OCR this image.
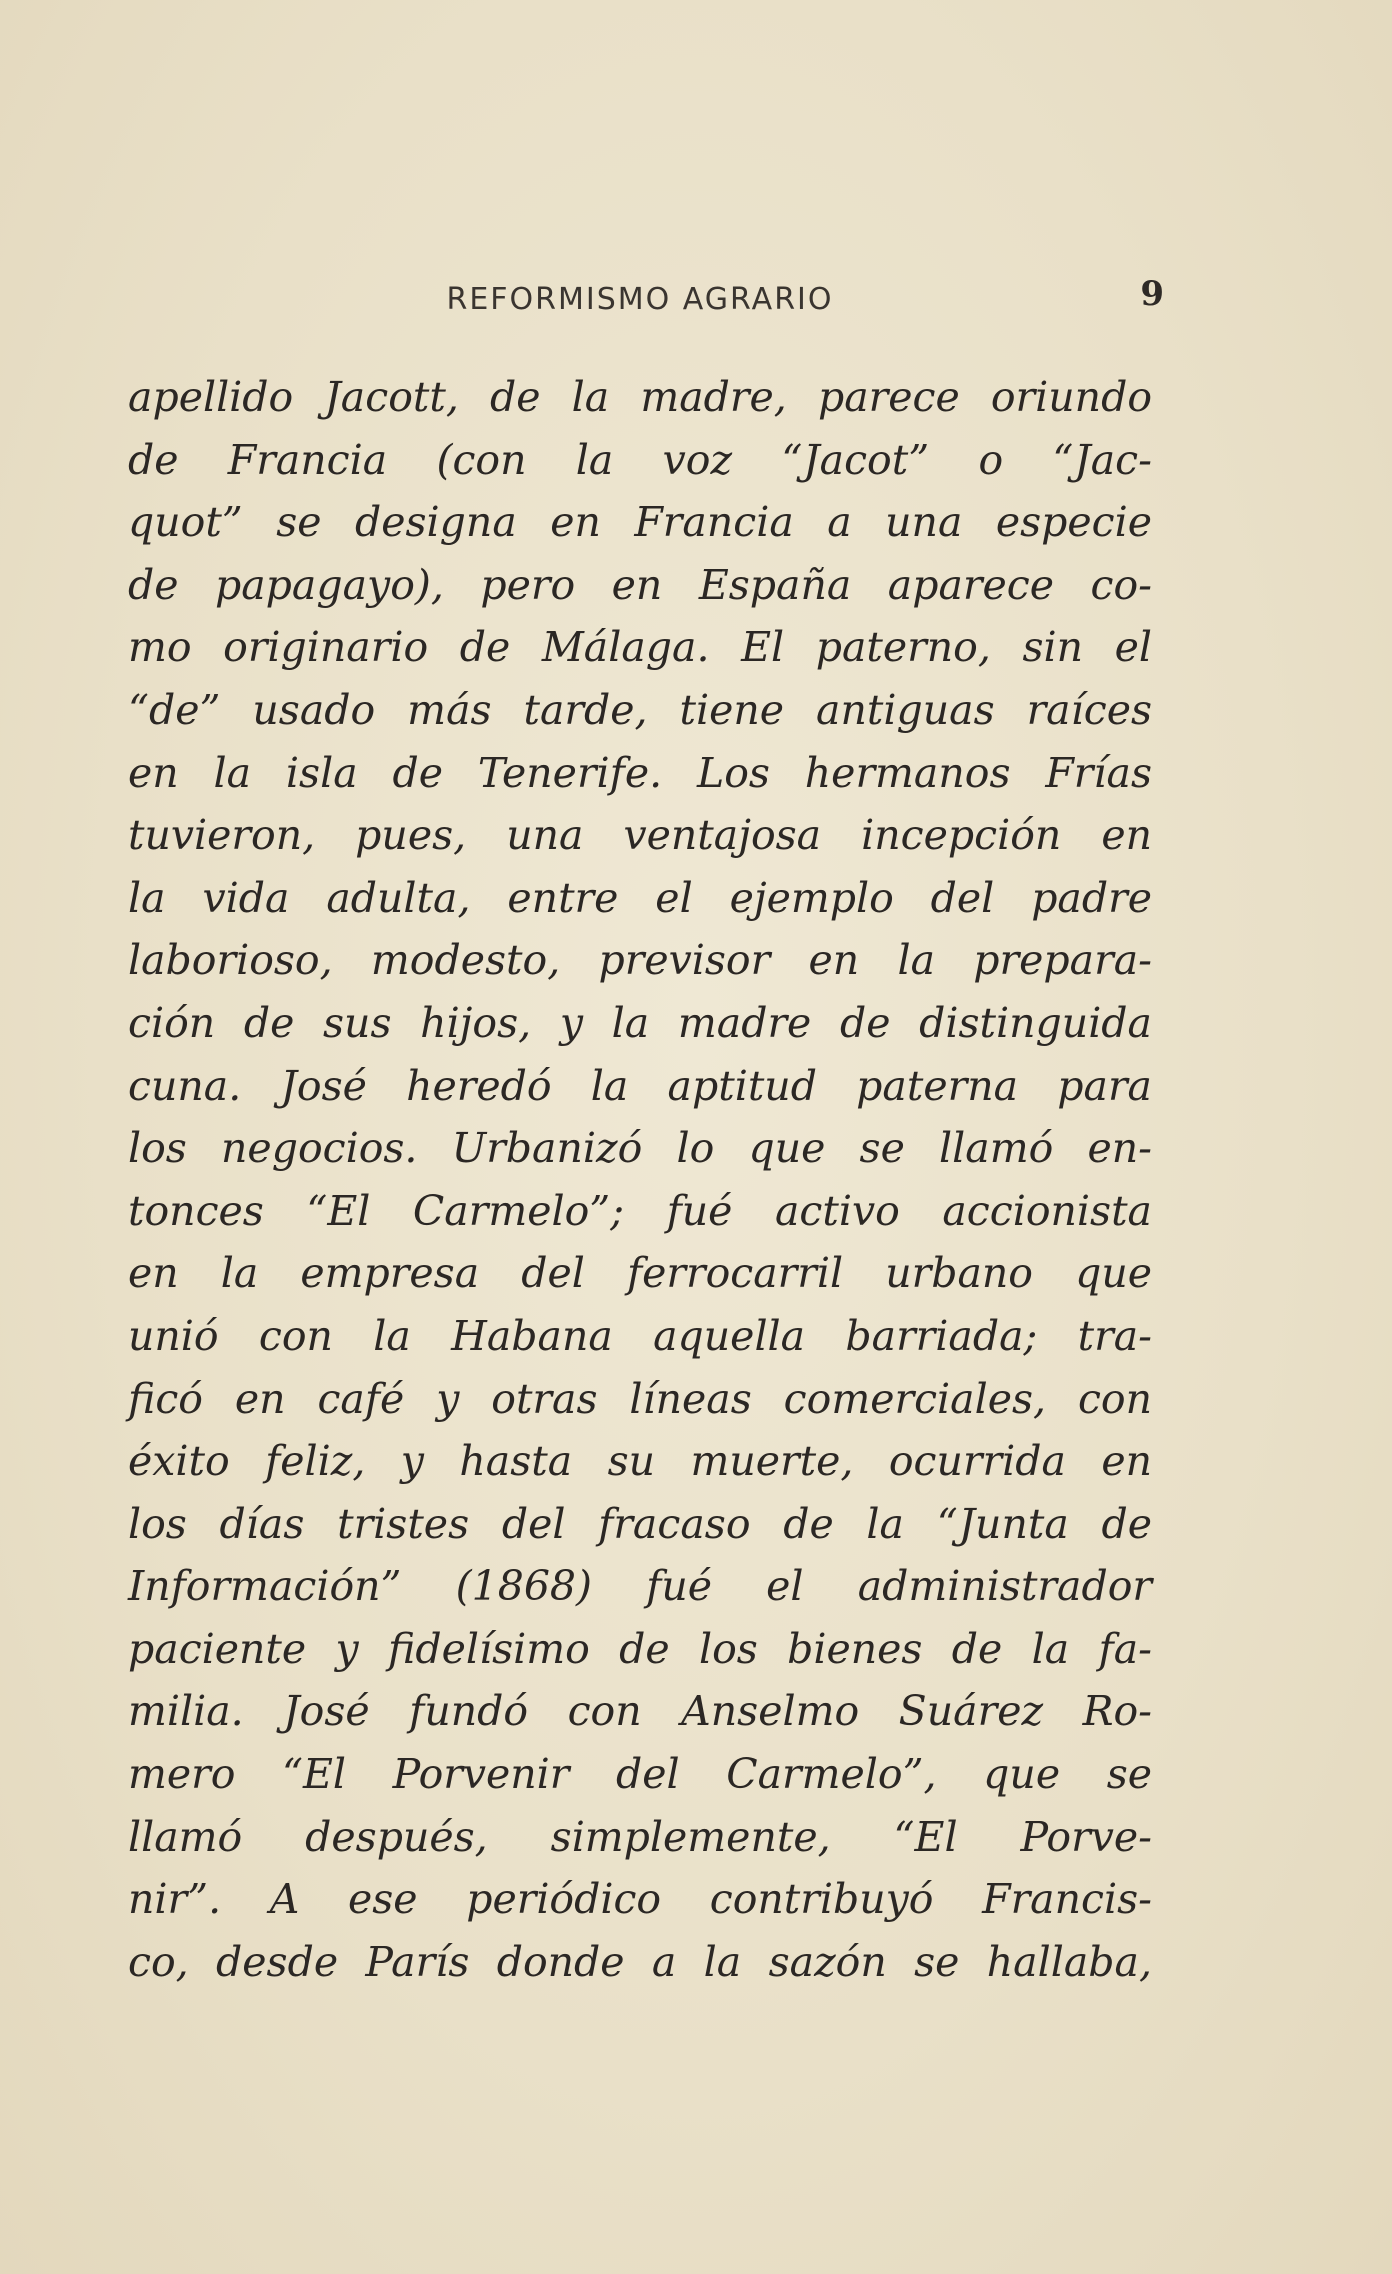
REFORMISMO AGRARIO	9
apellido Jacott, de la madre, parece oriundo
de Francia (con la voz “Jacot” o “Jac-
quot” se designa en Francia a una especie
de papagayo), pero en España aparece co-
mo originario de Málaga. El paterno, sin el
“de” usado más tarde, tiene antiguas raíces
en la isla de Tenerife. Los hermanos Frías
tuvieron, pues, una ventajosa incepción en
la vida adulta, entre el ejemplo del padre
laborioso, modesto, previsor en la prepara-
ción de sus hijos, y la madre de distinguida
cuna. José heredó la aptitud paterna para
los negocios. Urbanizó lo que se llamó en-
tonces “El Carmelo”; fué activo accionista
en la empresa del ferrocarril urbano que
unió con la Habana aquella barriada; tra-
ficó en café y otras líneas comerciales, con
éxito feliz, y hasta su muerte, ocurrida en
los días tristes del fracaso de la “Junta de
Información” (1868) fué el administrador
paciente y fidelísimo de los bienes de la fa-
milia. José fundó con Anselmo Suárez Ro-
mero “El Porvenir del Carmelo”, que se
llamó después, simplemente, “El Porve-
nir”. A ese periódico contribuyó Francis-
co, desde París donde a la sazón se hallaba,
